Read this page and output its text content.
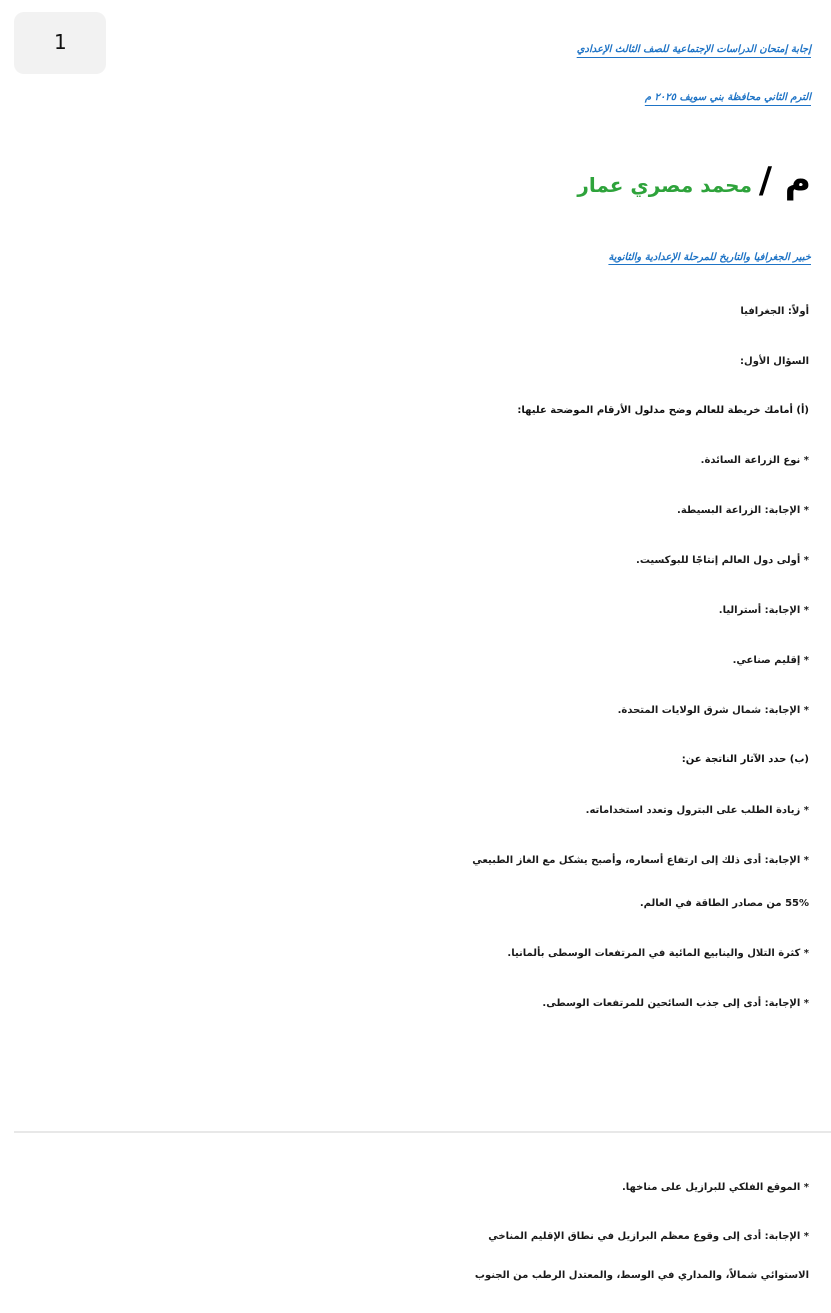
1	إجابة إمتحان الدراسات الإجتماعية للصف الثالث الإعدادي
الترم الثاني محافظة بني سويف ٢٠٢٥ م
م / محمد مصري عمار
خبير الجغرافيا والتاريخ للمرحلة الإعدادية والثانوية
أولاً: الجغرافيا
السؤال الأول:
(أ) أمامك خريطة للعالم وضح مدلول الأرقام الموضحة عليها:
* نوع الزراعة السائدة.
* الإجابة: الزراعة البسيطة.
* أولى دول العالم إنتاجًا للبوكسيت.
* الإجابة: أستراليا.
* إقليم صناعي.
* الإجابة: شمال شرق الولايات المتحدة.
(ب) حدد الآثار الناتجة عن:
* زيادة الطلب على البترول وتعدد استخداماته.
* الإجابة: أدى ذلك إلى ارتفاع أسعاره، وأصبح يشكل مع الغاز الطبيعي
55% من مصادر الطاقة في العالم.
* كثرة التلال والينابيع المائية في المرتفعات الوسطى بألمانيا.
* الإجابة: أدى إلى جذب السائحين للمرتفعات الوسطى.
* الموقع الفلكي للبرازيل على مناخها.
* الإجابة: أدى إلى وقوع معظم البرازيل في نطاق الإقليم المناخي
الاستوائي شمالاً، والمداري في الوسط، والمعتدل الرطب من الجنوب
